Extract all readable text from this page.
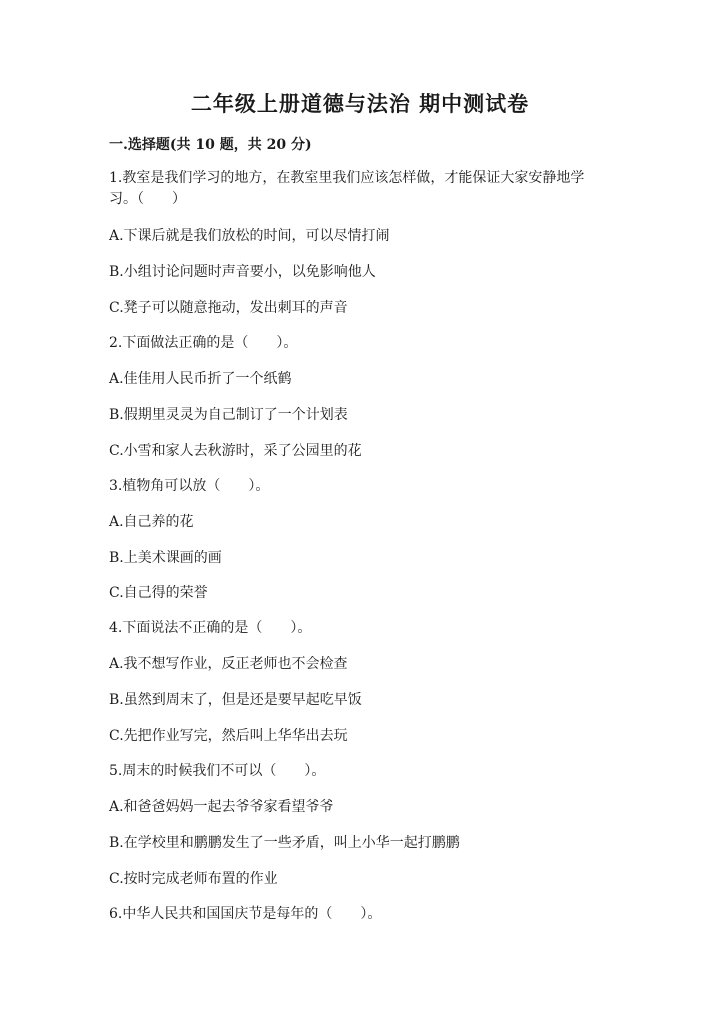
二年级上册道德与法治 期中测试卷
一.选择题(共 10 题，共 20 分)
1.教室是我们学习的地方，在教室里我们应该怎样做，才能保证大家安静地学习。（　　）
A.下课后就是我们放松的时间，可以尽情打闹
B.小组讨论问题时声音要小，以免影响他人
C.凳子可以随意拖动，发出刺耳的声音
2.下面做法正确的是（　　）。
A.佳佳用人民币折了一个纸鹤
B.假期里灵灵为自己制订了一个计划表
C.小雪和家人去秋游时，采了公园里的花
3.植物角可以放（　　）。
A.自己养的花
B.上美术课画的画
C.自己得的荣誉
4.下面说法不正确的是（　　）。
A.我不想写作业，反正老师也不会检查
B.虽然到周末了，但是还是要早起吃早饭
C.先把作业写完，然后叫上华华出去玩
5.周末的时候我们不可以（　　）。
A.和爸爸妈妈一起去爷爷家看望爷爷
B.在学校里和鹏鹏发生了一些矛盾，叫上小华一起打鹏鹏
C.按时完成老师布置的作业
6.中华人民共和国国庆节是每年的（　　）。
